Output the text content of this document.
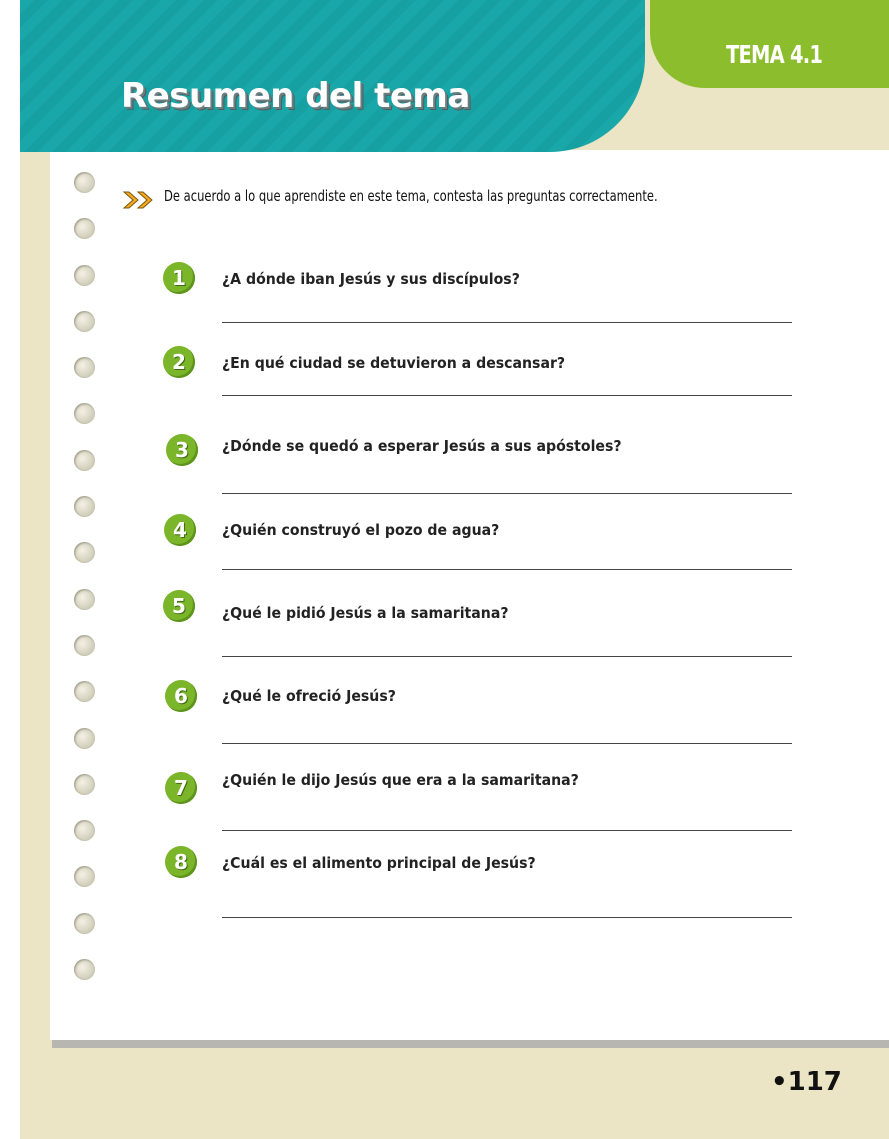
TEMA 4.1
Resumen del tema
De acuerdo a lo que aprendiste en este tema, contesta las preguntas correctamente.
1	¿A dónde iban Jesús y sus discípulos?
2	¿En qué ciudad se detuvieron a descansar?
3	¿Dónde se quedó a esperar Jesús a sus apóstoles?
4	¿Quién construyó el pozo de agua?
5	¿Qué le pidió Jesús a la samaritana?
6	¿Qué le ofreció Jesús?
7	¿Quién le dijo Jesús que era a la samaritana?
8	¿Cuál es el alimento principal de Jesús?
•117
